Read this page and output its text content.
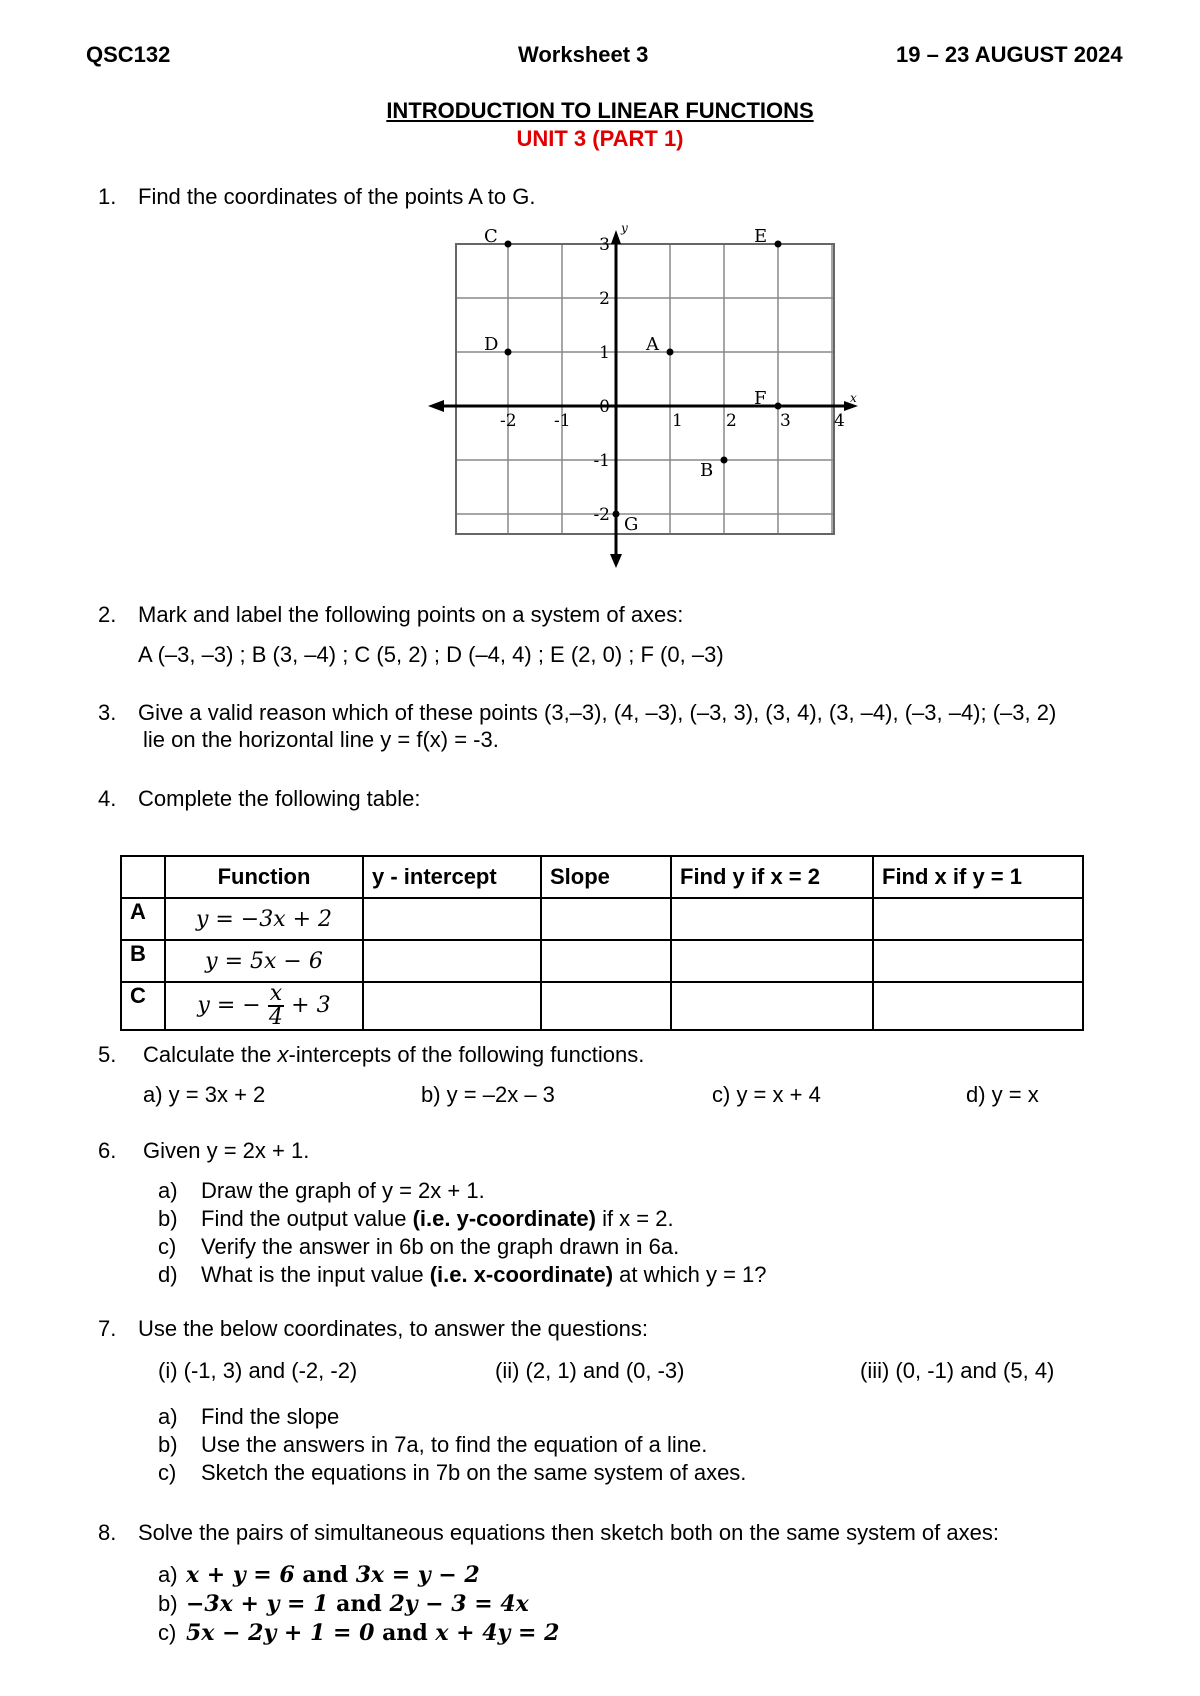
QSC132	Worksheet 3	19 – 23 AUGUST 2024
INTRODUCTION TO LINEAR FUNCTIONS
UNIT 3 (PART 1)
1. Find the coordinates of the points A to G.
x
y
-2 -1	1	2	3	4
3
2
1
0
-1
-2
A
B
C
D
E
F
G
2. Mark and label the following points on a system of axes:
A (–3, –3) ; B (3, –4) ; C (5, 2) ; D (–4, 4) ; E (2, 0) ; F (0, –3)
3. Give a valid reason which of these points (3,–3), (4, –3), (–3, 3), (3, 4), (3, –4), (–3, –4); (–3, 2)
lie on the horizontal line y = f(x) = -3.
4. Complete the following table:
	Function	y - intercept	Slope	Find y if x = 2	Find x if y = 1
A	y = −3x + 2				
B	y = 5x − 6				
C	y = − $\frac{x}{4} + 3$				
5. Calculate the x-intercepts of the following functions.
a) y = 3x + 2	b) y = –2x – 3	c) y = x + 4	d) y = x
6. Given y = 2x + 1.
a) Draw the graph of y = 2x + 1.
b) Find the output value (i.e. y-coordinate) if x = 2.
c) Verify the answer in 6b on the graph drawn in 6a.
d) What is the input value (i.e. x-coordinate) at which y = 1?
7. Use the below coordinates, to answer the questions:
(i) (-1, 3) and (-2, -2)	(ii) (2, 1) and (0, -3)	(iii) (0, -1) and (5, 4)
a) Find the slope
b) Use the answers in 7a, to find the equation of a line.
c) Sketch the equations in 7b on the same system of axes.
8. Solve the pairs of simultaneous equations then sketch both on the same system of axes:
a) x + y = 6 and 3x = y − 2
b) −3x + y = 1 and 2y − 3 = 4x
c) 5x − 2y + 1 = 0 and x + 4y = 2
